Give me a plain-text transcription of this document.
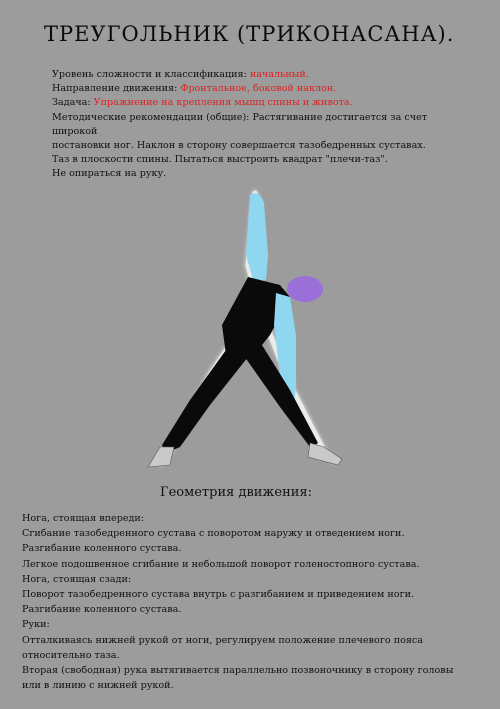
ТРЕУГОЛЬНИК (ТРИКОНАСАНА).

Уровень сложности и классификация: начальный.

Направление движения: Фронтальное, боковой наклон.

Задача: Упражнение на крепления мышц спины и живота.

Методические рекомендации (общие): Растягивание достигается за счет широкой

постановки ног. Наклон в сторону совершается тазобедренных суставах.

Таз в плоскости спины. Пытаться выстроить квадрат "плечи-таз".

Не опираться на руку.

Геометрия движения:

Нога, стоящая впереди:

Сгибание тазобедренного сустава с поворотом наружу и отведением ноги.

Разгибание коленного сустава.

Легкое подошвенное сгибание и небольшой поворот голеностопного сустава.

Нога, стоящая сзади:

Поворот тазобедренного сустава внутрь с разгибанием и приведением ноги.

Разгибание коленного сустава.

Руки:

Отталкиваясь нижней рукой от ноги, регулируем положение плечевого пояса

относительно таза.

Вторая (свободная) рука вытягивается параллельно позвоночнику в сторону головы

или в линию с нижней рукой.
